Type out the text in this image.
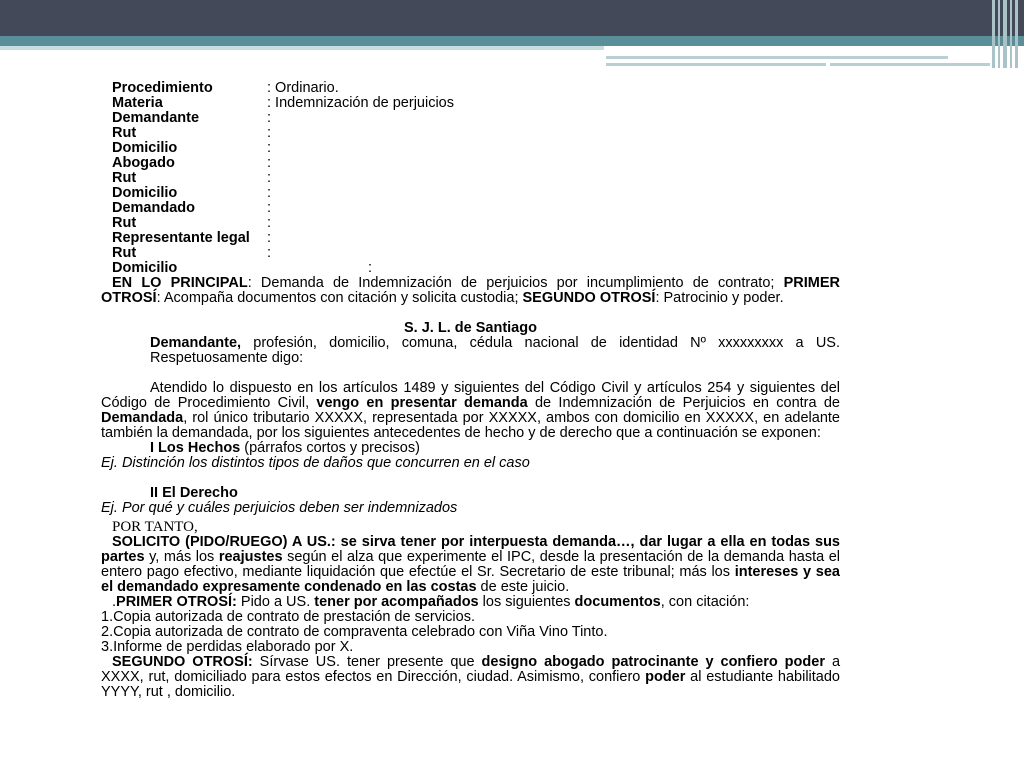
Procedimiento	: Ordinario.
Materia	: Indemnización de perjuicios
Demandante	:
Rut	:
Domicilio	:
Abogado	:
Rut	:
Domicilio	:
Demandado	:
Rut	:
Representante legal :
Rut	:
Domicilio	:

EN LO PRINCIPAL: Demanda de Indemnización de perjuicios por incumplimiento de contrato; PRIMER OTROSÍ: Acompaña documentos con citación y solicita custodia; SEGUNDO OTROSÍ: Patrocinio y poder.

S. J. L. de Santiago

Demandante, profesión, domicilio, comuna, cédula nacional de identidad Nº xxxxxxxxx a US. Respetuosamente digo:

Atendido lo dispuesto en los artículos 1489 y siguientes del Código Civil y artículos 254 y siguientes del Código de Procedimiento Civil, vengo en presentar demanda de Indemnización de Perjuicios en contra de Demandada, rol único tributario XXXXX, representada por XXXXX, ambos con domicilio en XXXXX, en adelante también la demandada, por los siguientes antecedentes de hecho y de derecho que a continuación se exponen:

I Los Hechos (párrafos cortos y precisos)

Ej. Distinción los distintos tipos de daños que concurren en el caso

II El Derecho

Ej. Por qué y cuáles perjuicios deben ser indemnizados

POR TANTO,

SOLICITO (PIDO/RUEGO) A US.: se sirva tener por interpuesta demanda…, dar lugar a ella en todas sus partes y, más los reajustes según el alza que experimente el IPC, desde la presentación de la demanda hasta el entero pago efectivo, mediante liquidación que efectúe el Sr. Secretario de este tribunal; más los intereses y sea el demandado expresamente condenado en las costas de este juicio.

.PRIMER OTROSÍ: Pido a US. tener por acompañados los siguientes documentos, con citación:

1.Copia autorizada de contrato de prestación de servicios.

2.Copia autorizada de contrato de compraventa celebrado con Viña Vino Tinto.

3.Informe de perdidas elaborado por X.

SEGUNDO OTROSÍ: Sírvase US. tener presente que designo abogado patrocinante y confiero poder a XXXX, rut, domiciliado para estos efectos en Dirección, ciudad. Asimismo, confiero poder al estudiante habilitado YYYY, rut , domicilio.
